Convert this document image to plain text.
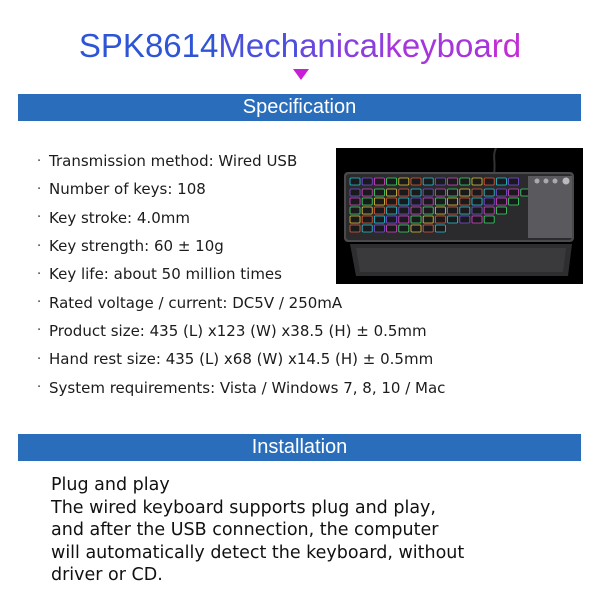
SPK8614Mechanicalkeyboard
Specification
· Transmission method: Wired USB
· Number of keys: 108
· Key stroke: 4.0mm
· Key strength: 60 ± 10g
· Key life: about 50 million times
· Rated voltage / current: DC5V / 250mA
· Product size: 435 (L) x123 (W) x38.5 (H) ± 0.5mm
· Hand rest size: 435 (L) x68 (W) x14.5 (H) ± 0.5mm
· System requirements: Vista / Windows 7, 8, 10 / Mac
Installation
Plug and play
The wired keyboard supports plug and play,
and after the USB connection, the computer
will automatically detect the keyboard, without
driver or CD.
